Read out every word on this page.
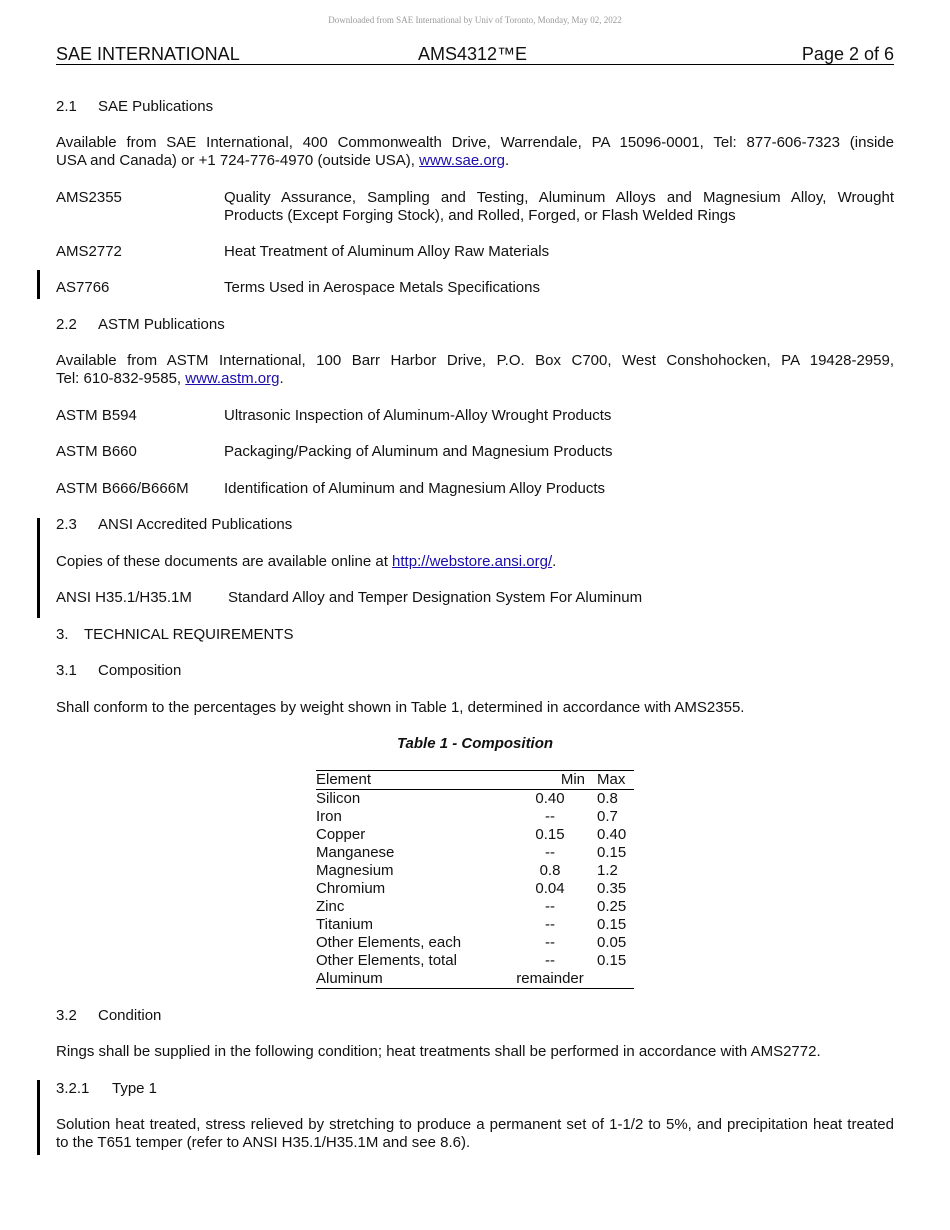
Downloaded from SAE International by Univ of Toronto, Monday, May 02, 2022
SAE INTERNATIONAL	AMS4312™E	Page 2 of 6
2.1 SAE Publications
Available from SAE International, 400 Commonwealth Drive, Warrendale, PA 15096-0001, Tel: 877-606-7323 (inside
USA and Canada) or +1 724-776-4970 (outside USA), www.sae.org.
AMS2355	Quality Assurance, Sampling and Testing, Aluminum Alloys and Magnesium Alloy, Wrought
Products (Except Forging Stock), and Rolled, Forged, or Flash Welded Rings
AMS2772	Heat Treatment of Aluminum Alloy Raw Materials
AS7766	Terms Used in Aerospace Metals Specifications
2.2 ASTM Publications
Available from ASTM International, 100 Barr Harbor Drive, P.O. Box C700, West Conshohocken, PA 19428-2959,
Tel: 610-832-9585, www.astm.org.
ASTM B594	Ultrasonic Inspection of Aluminum-Alloy Wrought Products
ASTM B660	Packaging/Packing of Aluminum and Magnesium Products
ASTM B666/B666M Identification of Aluminum and Magnesium Alloy Products
2.3 ANSI Accredited Publications
Copies of these documents are available online at http://webstore.ansi.org/.
ANSI H35.1/H35.1M Standard Alloy and Temper Designation System For Aluminum
3. TECHNICAL REQUIREMENTS
3.1 Composition
Shall conform to the percentages by weight shown in Table 1, determined in accordance with AMS2355.
Table 1 - Composition
Element	Min	Max
Silicon	0.40	0.8
Iron	--	0.7
Copper	0.15	0.40
Manganese	--	0.15
Magnesium	0.8	1.2
Chromium	0.04	0.35
Zinc	--	0.25
Titanium	--	0.15
Other Elements, each	--	0.05
Other Elements, total	--	0.15
Aluminum	remainder	
3.2 Condition
Rings shall be supplied in the following condition; heat treatments shall be performed in accordance with AMS2772.
3.2.1 Type 1
Solution heat treated, stress relieved by stretching to produce a permanent set of 1-1/2 to 5%, and precipitation heat treated
to the T651 temper (refer to ANSI H35.1/H35.1M and see 8.6).
